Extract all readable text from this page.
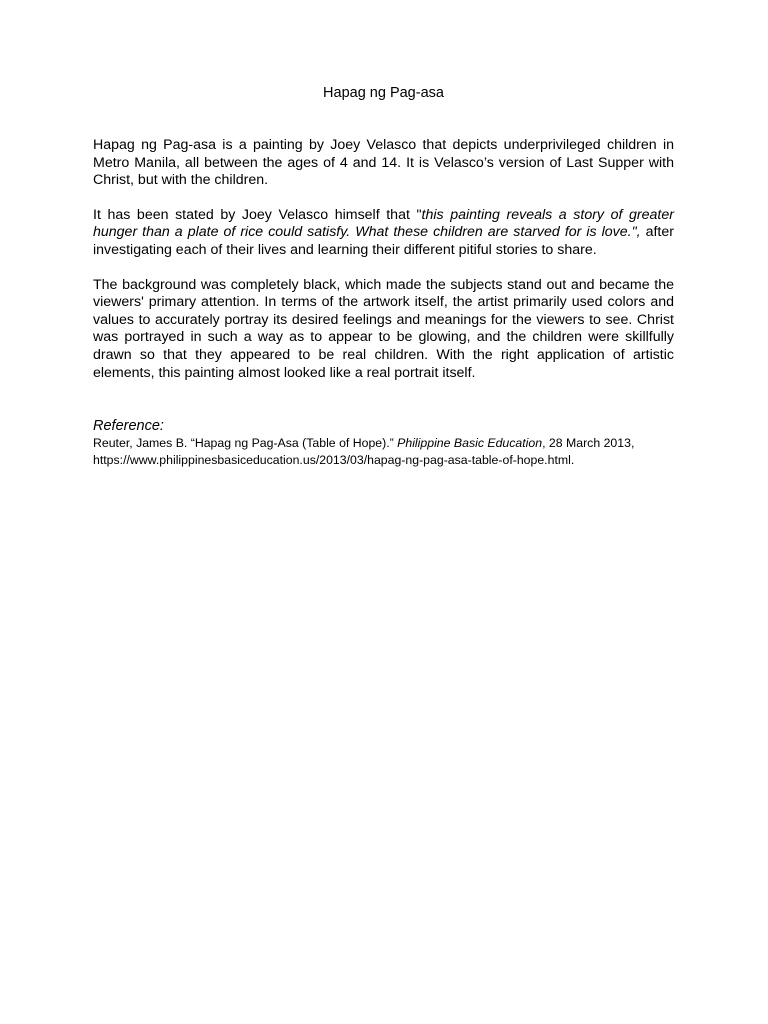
Hapag ng Pag-asa

Hapag ng Pag-asa is a painting by Joey Velasco that depicts underprivileged children in Metro Manila, all between the ages of 4 and 14. It is Velasco’s version of Last Supper with Christ, but with the children.

It has been stated by Joey Velasco himself that "this painting reveals a story of greater hunger than a plate of rice could satisfy. What these children are starved for is love.", after investigating each of their lives and learning their different pitiful stories to share.

The background was completely black, which made the subjects stand out and became the viewers' primary attention. In terms of the artwork itself, the artist primarily used colors and values to accurately portray its desired feelings and meanings for the viewers to see. Christ was portrayed in such a way as to appear to be glowing, and the children were skillfully drawn so that they appeared to be real children. With the right application of artistic elements, this painting almost looked like a real portrait itself.

Reference:
Reuter, James B. “Hapag ng Pag-Asa (Table of Hope).” Philippine Basic Education, 28 March 2013,
https://www.philippinesbasiceducation.us/2013/03/hapag-ng-pag-asa-table-of-hope.html.
